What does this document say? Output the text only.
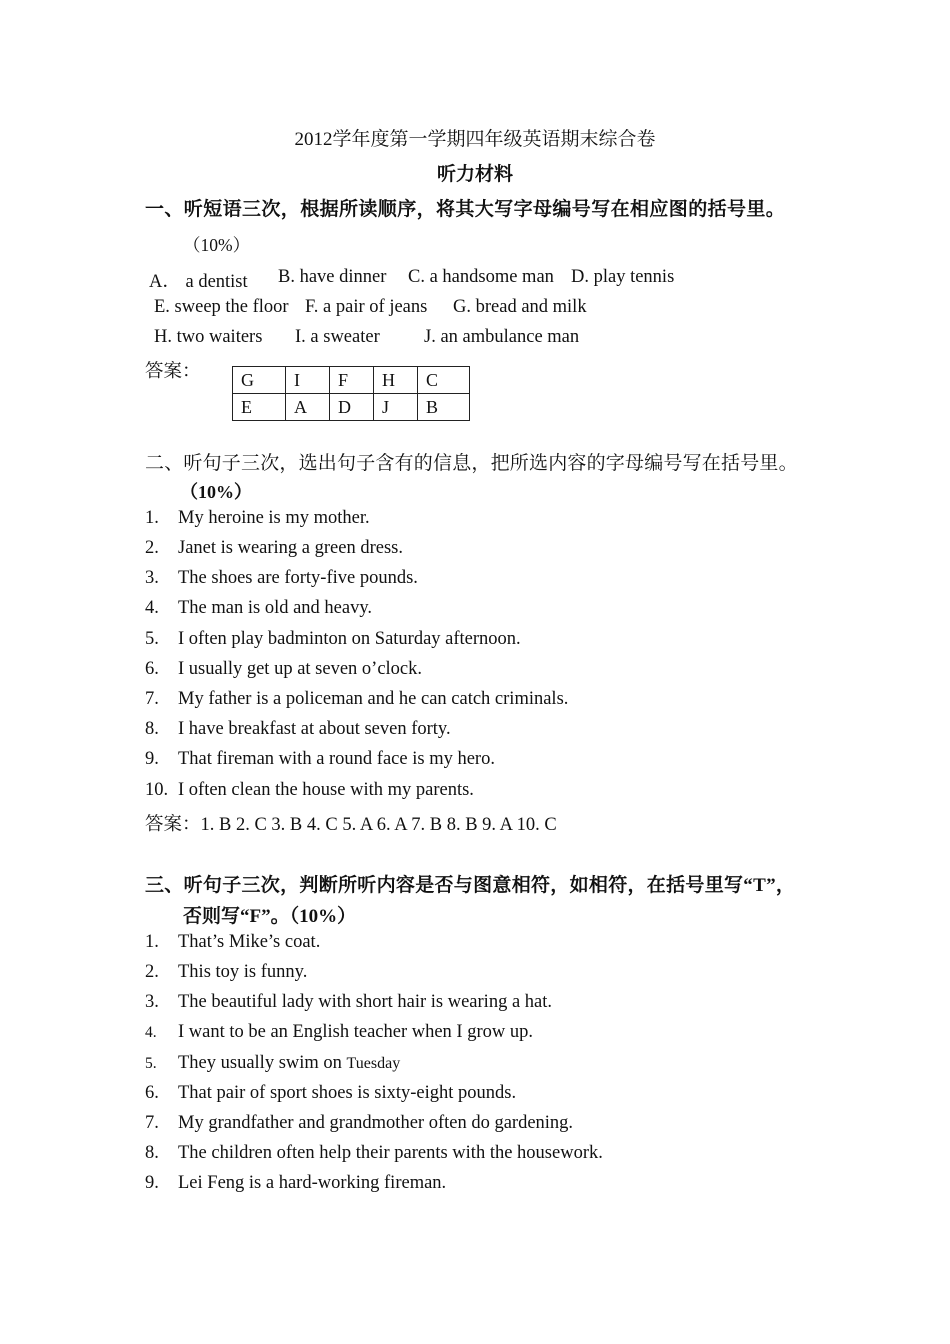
2012学年度第一学期四年级英语期末综合卷
听力材料
一、听短语三次，根据所读顺序，将其大写字母编号写在相应图的括号里。
（10%）
A． a dentist B. have dinner C. a handsome man D. play tennis
E. sweep the floor F. a pair of jeans G. bread and milk
H. two waiters I. a sweater J. an ambulance man
答案： G	I	F	H	C
E	A	D	J	B
二、听句子三次，选出句子含有的信息，把所选内容的字母编号写在括号里。
（10%）
1. My heroine is my mother.
2. Janet is wearing a green dress.
3. The shoes are forty-five pounds.
4. The man is old and heavy.
5. I often play badminton on Saturday afternoon.
6. I usually get up at seven o’clock.
7. My father is a policeman and he can catch criminals.
8. I have breakfast at about seven forty.
9. That fireman with a round face is my hero.
10. I often clean the house with my parents.
答案：1. B 2. C 3. B 4. C 5. A 6. A 7. B 8. B 9. A 10. C
三、听句子三次，判断所听内容是否与图意相符，如相符，在括号里写“T”，
否则写“F”。（10%）
1. That’s Mike’s coat.
2. This toy is funny.
3. The beautiful lady with short hair is wearing a hat.
4. I want to be an English teacher when I grow up.
5. They usually swim on Tuesday
6. That pair of sport shoes is sixty-eight pounds.
7. My grandfather and grandmother often do gardening.
8. The children often help their parents with the housework.
9. Lei Feng is a hard-working fireman.
